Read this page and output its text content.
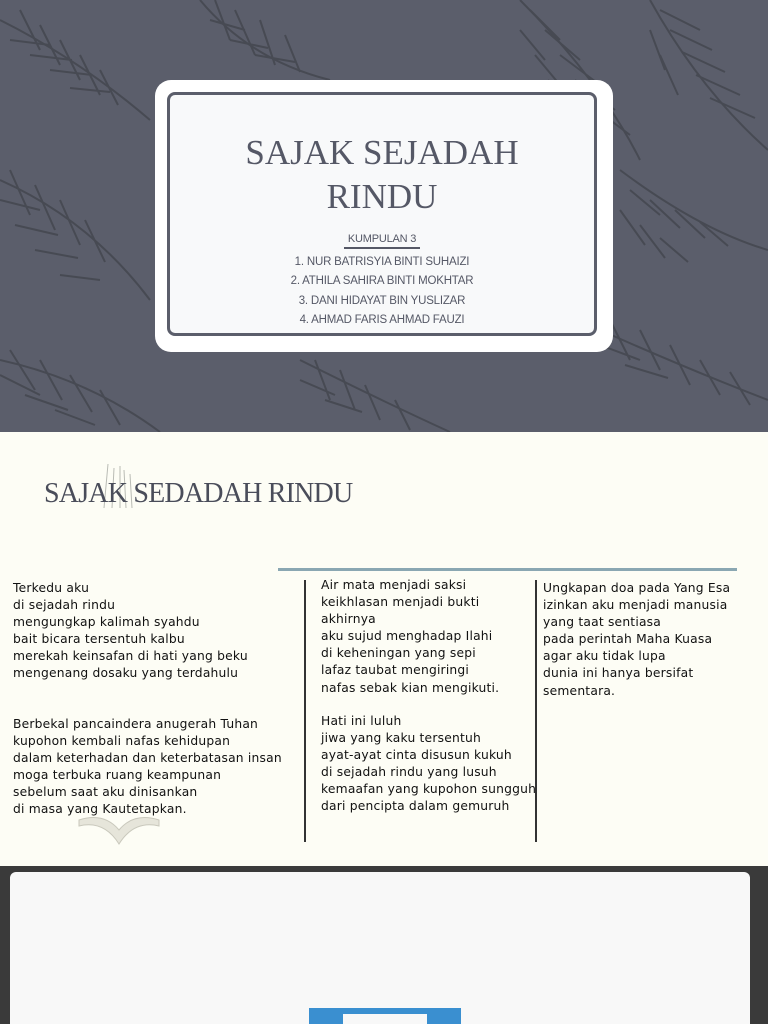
SAJAK SEJADAH
RINDU
KUMPULAN 3
1. NUR BATRISYIA BINTI SUHAIZI
2. ATHILA SAHIRA BINTI MOKHTAR
3. DANI HIDAYAT BIN YUSLIZAR
4. AHMAD FARIS AHMAD FAUZI
SAJAK SEDADAH RINDU
Terkedu aku
di sejadah rindu
mengungkap kalimah syahdu
bait bicara tersentuh kalbu
merekah keinsafan di hati yang beku
mengenang dosaku yang terdahulu
Berbekal pancaindera anugerah Tuhan
kupohon kembali nafas kehidupan
dalam keterhadan dan keterbatasan insan
moga terbuka ruang keampunan
sebelum saat aku dinisankan
di masa yang Kautetapkan.
Air mata menjadi saksi
keikhlasan menjadi bukti
akhirnya
aku sujud menghadap Ilahi
di keheningan yang sepi
lafaz taubat mengiringi
nafas sebak kian mengikuti.
Hati ini luluh
jiwa yang kaku tersentuh
ayat-ayat cinta disusun kukuh
di sejadah rindu yang lusuh
kemaafan yang kupohon sungguh
dari pencipta dalam gemuruh
Ungkapan doa pada Yang Esa
izinkan aku menjadi manusia
yang taat sentiasa
pada perintah Maha Kuasa
agar aku tidak lupa
dunia ini hanya bersifat
sementara.
